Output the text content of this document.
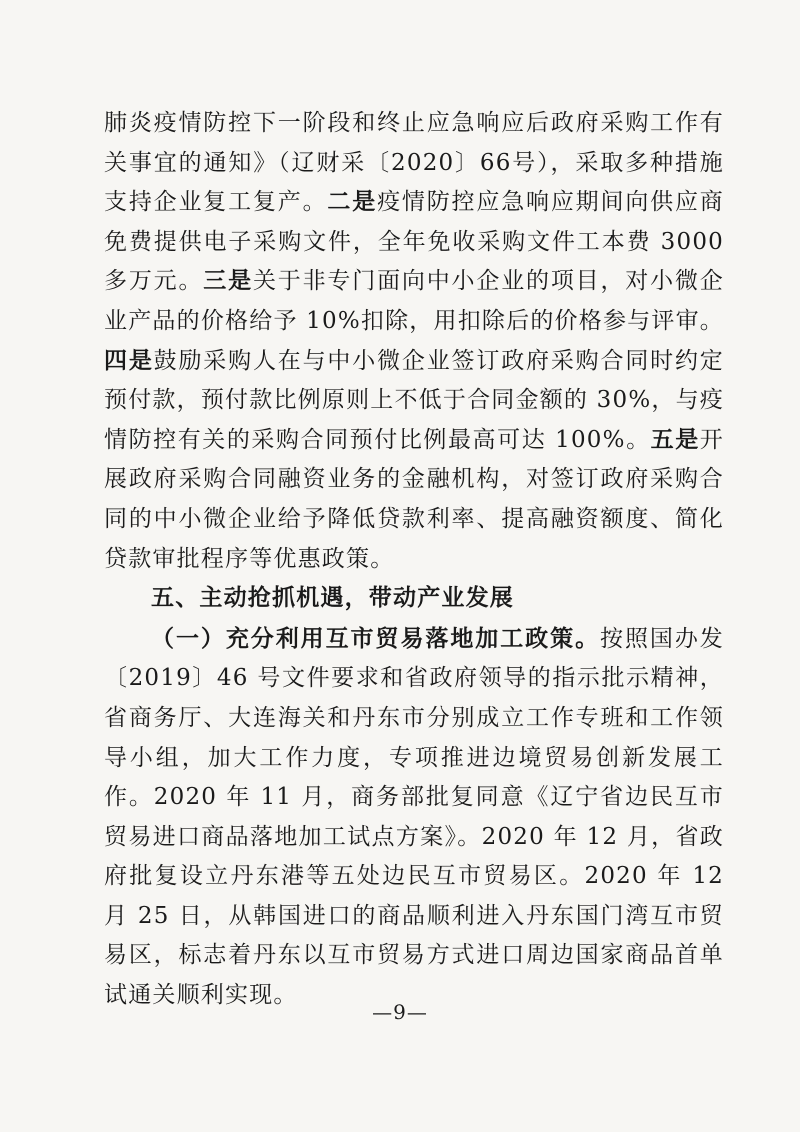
肺炎疫情防控下一阶段和终止应急响应后政府采购工作有关事宜的通知》（辽财采〔2020〕66号），采取多种措施支持企业复工复产。二是疫情防控应急响应期间向供应商免费提供电子采购文件，全年免收采购文件工本费 3000 多万元。三是关于非专门面向中小企业的项目，对小微企业产品的价格给予 10%扣除，用扣除后的价格参与评审。四是鼓励采购人在与中小微企业签订政府采购合同时约定预付款，预付款比例原则上不低于合同金额的 30%，与疫情防控有关的采购合同预付比例最高可达 100%。五是开展政府采购合同融资业务的金融机构，对签订政府采购合同的中小微企业给予降低贷款利率、提高融资额度、简化贷款审批程序等优惠政策。

五、主动抢抓机遇，带动产业发展

（一）充分利用互市贸易落地加工政策。按照国办发〔2019〕46 号文件要求和省政府领导的指示批示精神，省商务厅、大连海关和丹东市分别成立工作专班和工作领导小组，加大工作力度，专项推进边境贸易创新发展工作。2020 年 11 月，商务部批复同意《辽宁省边民互市贸易进口商品落地加工试点方案》。2020 年 12 月，省政府批复设立丹东港等五处边民互市贸易区。2020 年 12 月 25 日，从韩国进口的商品顺利进入丹东国门湾互市贸易区，标志着丹东以互市贸易方式进口周边国家商品首单试通关顺利实现。

—9—
